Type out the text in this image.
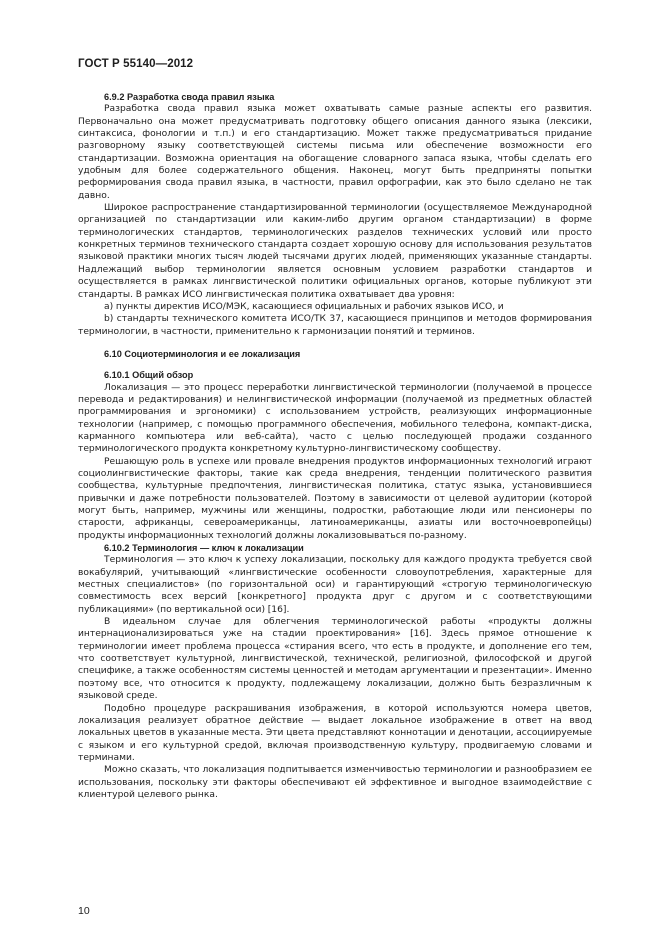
ГОСТ Р 55140—2012
6.9.2 Разработка свода правил языка

Разработка свода правил языка может охватывать самые разные аспекты его развития. Первоначально она может предусматривать подготовку общего описания данного языка (лексики, синтаксиса, фонологии и т.п.) и его стандартизацию. Может также предусматриваться придание разговорному языку соответствующей системы письма или обеспечение возможности его стандартизации. Возможна ориентация на обогащение словарного запаса языка, чтобы сделать его удобным для более содержательного общения. Наконец, могут быть предприняты попытки реформирования свода правил языка, в частности, правил орфографии, как это было сделано не так давно.

Широкое распространение стандартизированной терминологии (осуществляемое Международной организацией по стандартизации или каким-либо другим органом стандартизации) в форме терминологических стандартов, терминологических разделов технических условий или просто конкретных терминов технического стандарта создает хорошую основу для использования результатов языковой практики многих тысяч людей тысячами других людей, применяющих указанные стандарты. Надлежащий выбор терминологии является основным условием разработки стандартов и осуществляется в рамках лингвистической политики официальных органов, которые публикуют эти стандарты. В рамках ИСО лингвистическая политика охватывает два уровня:

a) пункты директив ИСО/МЭК, касающиеся официальных и рабочих языков ИСО, и

b) стандарты технического комитета ИСО/ТК 37, касающиеся принципов и методов формирования терминологии, в частности, применительно к гармонизации понятий и терминов.

6.10 Социотерминология и ее локализация
6.10.1 Общий обзор

Локализация — это процесс переработки лингвистической терминологии (получаемой в процессе перевода и редактирования) и нелингвистической информации (получаемой из предметных областей программирования и эргономики) с использованием устройств, реализующих информационные технологии (например, с помощью программного обеспечения, мобильного телефона, компакт-диска, карманного компьютера или веб-сайта), часто с целью последующей продажи созданного терминологического продукта конкретному культурно-лингвистическому сообществу.

Решающую роль в успехе или провале внедрения продуктов информационных технологий играют социолингвистические факторы, такие как среда внедрения, тенденции политического развития сообщества, культурные предпочтения, лингвистическая политика, статус языка, установившиеся привычки и даже потребности пользователей. Поэтому в зависимости от целевой аудитории (которой могут быть, например, мужчины или женщины, подростки, работающие люди или пенсионеры по старости, африканцы, североамериканцы, латиноамериканцы, азиаты или восточноевропейцы) продукты информационных технологий должны локализовываться по-разному.

6.10.2 Терминология — ключ к локализации

Терминология — это ключ к успеху локализации, поскольку для каждого продукта требуется свой вокабулярий, учитывающий «лингвистические особенности словоупотребления, характерные для местных специалистов» (по горизонтальной оси) и гарантирующий «строгую терминологическую совместимость всех версий [конкретного] продукта друг с другом и с соответствующими публикациями» (по вертикальной оси) [16].

В идеальном случае для облегчения терминологической работы «продукты должны интернационализироваться уже на стадии проектирования» [16]. Здесь прямое отношение к терминологии имеет проблема процесса «стирания всего, что есть в продукте, и дополнение его тем, что соответствует культурной, лингвистической, технической, религиозной, философской и другой специфике, а также особенностям системы ценностей и методам аргументации и презентации». Именно поэтому все, что относится к продукту, подлежащему локализации, должно быть безразличным к языковой среде.

Подобно процедуре раскрашивания изображения, в которой используются номера цветов, локализация реализует обратное действие — выдает локальное изображение в ответ на ввод локальных цветов в указанные места. Эти цвета представляют коннотации и денотации, ассоциируемые с языком и его культурной средой, включая производственную культуру, продвигаемую словами и терминами.

Можно сказать, что локализация подпитывается изменчивостью терминологии и разнообразием ее использования, поскольку эти факторы обеспечивают ей эффективное и выгодное взаимодействие с клиентурой целевого рынка.

10
